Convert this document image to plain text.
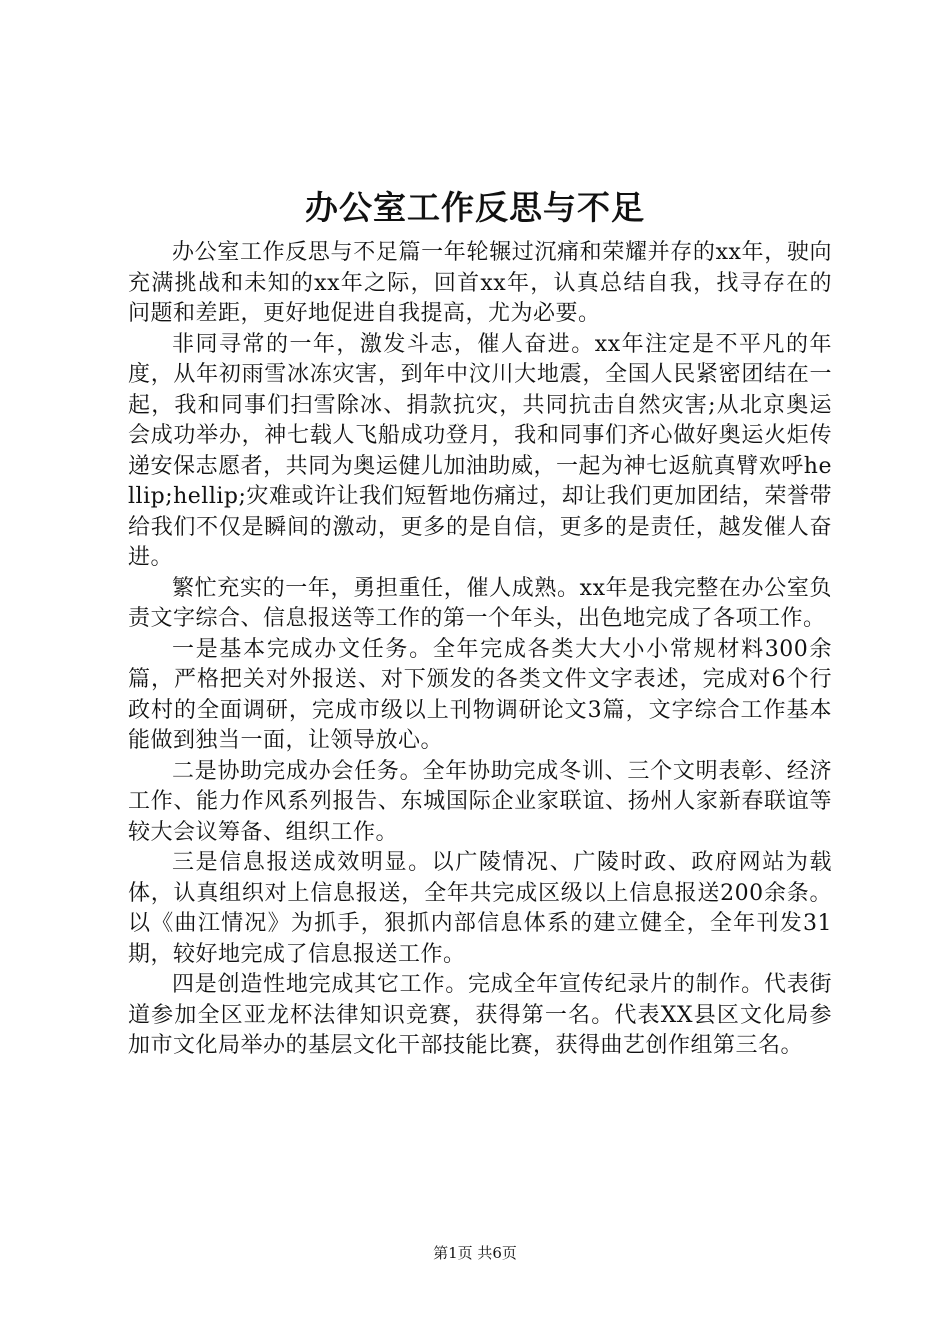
办公室工作反思与不足

办公室工作反思与不足篇一年轮辗过沉痛和荣耀并存的xx年，驶向充满挑战和未知的xx年之际，回首xx年，认真总结自我，找寻存在的问题和差距，更好地促进自我提高，尤为必要。

非同寻常的一年，激发斗志，催人奋进。xx年注定是不平凡的年度，从年初雨雪冰冻灾害，到年中汶川大地震，全国人民紧密团结在一起，我和同事们扫雪除冰、捐款抗灾，共同抗击自然灾害;从北京奥运会成功举办，神七载人飞船成功登月，我和同事们齐心做好奥运火炬传递安保志愿者，共同为奥运健儿加油助威，一起为神七返航真臂欢呼hellip;hellip;灾难或许让我们短暂地伤痛过，却让我们更加团结，荣誉带给我们不仅是瞬间的激动，更多的是自信，更多的是责任，越发催人奋进。

繁忙充实的一年，勇担重任，催人成熟。xx年是我完整在办公室负责文字综合、信息报送等工作的第一个年头，出色地完成了各项工作。

一是基本完成办文任务。全年完成各类大大小小常规材料300余篇，严格把关对外报送、对下颁发的各类文件文字表述，完成对6个行政村的全面调研，完成市级以上刊物调研论文3篇，文字综合工作基本能做到独当一面，让领导放心。

二是协助完成办会任务。全年协助完成冬训、三个文明表彰、经济工作、能力作风系列报告、东城国际企业家联谊、扬州人家新春联谊等较大会议筹备、组织工作。

三是信息报送成效明显。以广陵情况、广陵时政、政府网站为载体，认真组织对上信息报送，全年共完成区级以上信息报送200余条。以《曲江情况》为抓手，狠抓内部信息体系的建立健全，全年刊发31期，较好地完成了信息报送工作。

四是创造性地完成其它工作。完成全年宣传纪录片的制作。代表街道参加全区亚龙杯法律知识竞赛，获得第一名。代表XX县区文化局参加市文化局举办的基层文化干部技能比赛，获得曲艺创作组第三名。

第1页 共6页
